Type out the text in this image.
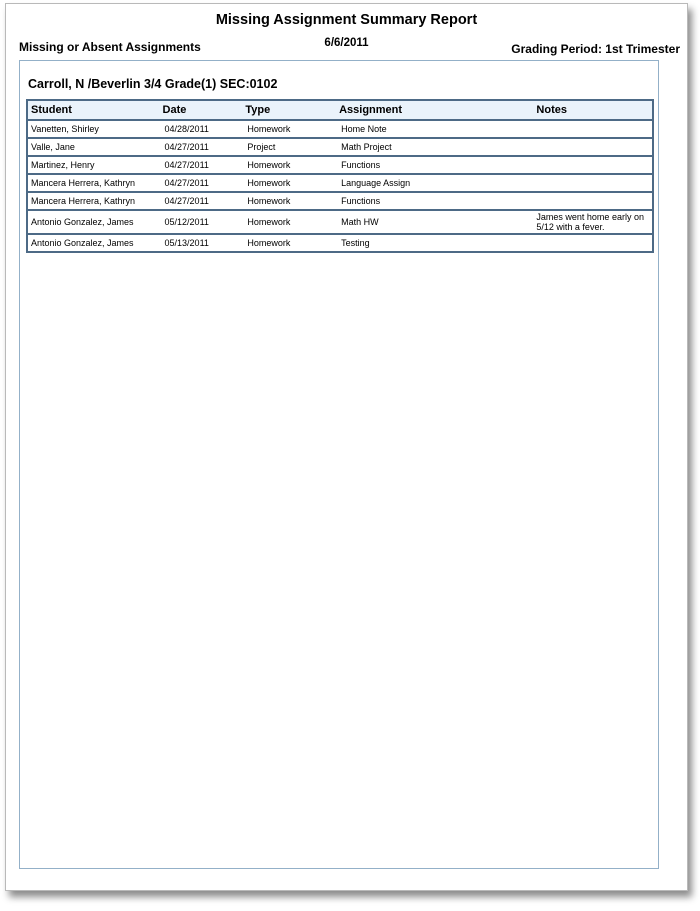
Missing Assignment Summary Report
6/6/2011
Missing or Absent Assignments	Grading Period: 1st Trimester
Carroll, N /Beverlin 3/4 Grade(1) SEC:0102
Student	Date	Type	Assignment	Notes
Vanetten, Shirley	04/28/2011	Homework	Home Note	
Valle, Jane	04/27/2011	Project	Math Project	
Martinez, Henry	04/27/2011	Homework	Functions	
Mancera Herrera, Kathryn	04/27/2011	Homework	Language Assign	
Mancera Herrera, Kathryn	04/27/2011	Homework	Functions	
Antonio Gonzalez, James	05/12/2011	Homework	Math HW	James went home early on 5/12 with a fever.
Antonio Gonzalez, James	05/13/2011	Homework	Testing	
